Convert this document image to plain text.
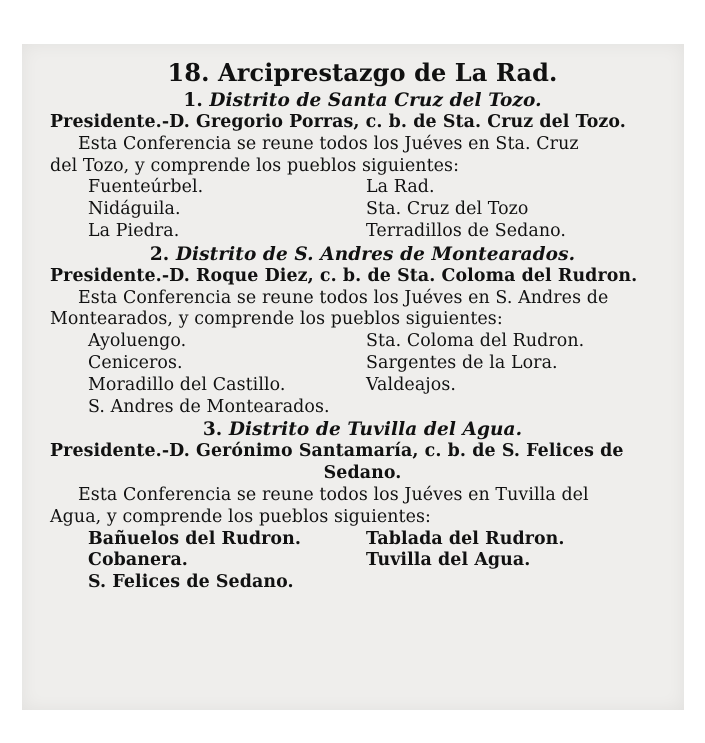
18. Arciprestazgo de La Rad.
1. Distrito de Santa Cruz del Tozo.
Presidente.-D. Gregorio Porras, c. b. de Sta. Cruz del Tozo.
Esta Conferencia se reune todos los Juéves en Sta. Cruz
del Tozo, y comprende los pueblos siguientes:
Fuenteúrbel.	La Rad.
Nidáguila.	Sta. Cruz del Tozo
La Piedra.	Terradillos de Sedano.
2. Distrito de S. Andres de Montearados.
Presidente.-D. Roque Diez, c. b. de Sta. Coloma del Rudron.
Esta Conferencia se reune todos los Juéves en S. Andres de
Montearados, y comprende los pueblos siguientes:
Ayoluengo.	Sta. Coloma del Rudron.
Ceniceros.	Sargentes de la Lora.
Moradillo del Castillo.	Valdeajos.
S. Andres de Montearados.
3. Distrito de Tuvilla del Agua.
Presidente.-D. Gerónimo Santamaría, c. b. de S. Felices de
Sedano.
Esta Conferencia se reune todos los Juéves en Tuvilla del
Agua, y comprende los pueblos siguientes:
Bañuelos del Rudron.	Tablada del Rudron.
Cobanera.	Tuvilla del Agua.
S. Felices de Sedano.
